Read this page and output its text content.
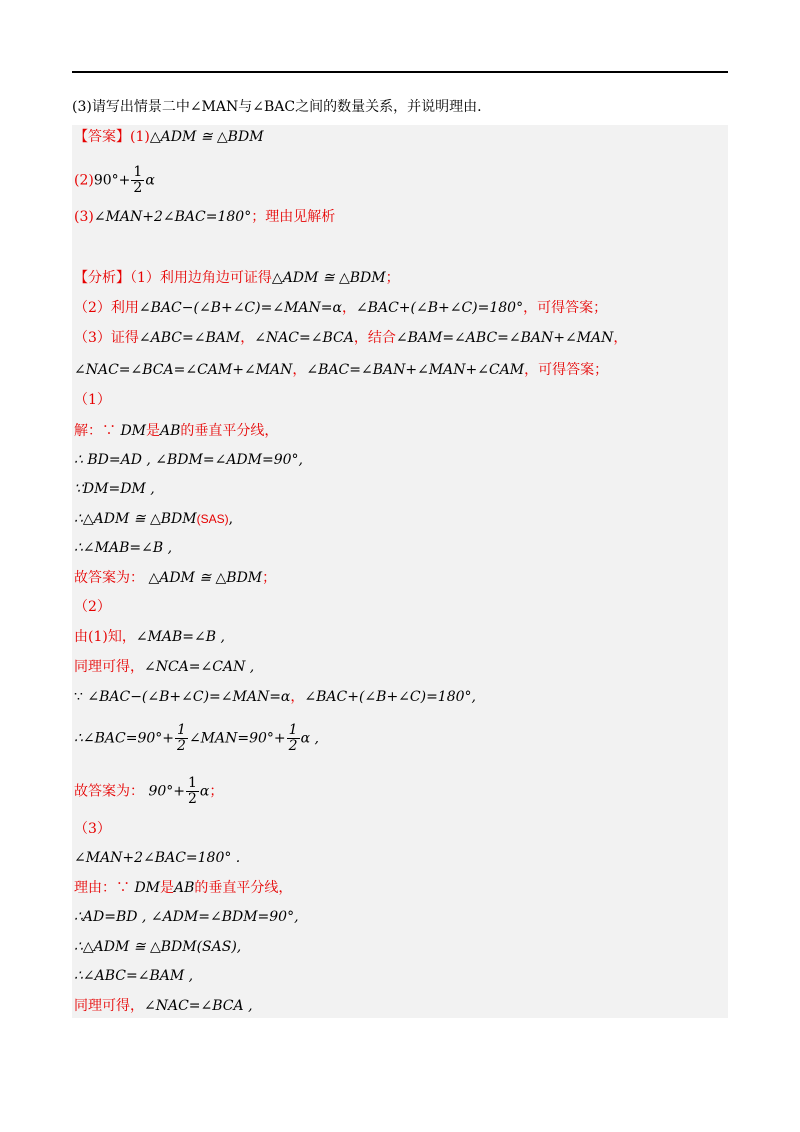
(3)请写出情景二中∠MAN与∠BAC之间的数量关系，并说明理由.
【答案】(1)△ADM ≅ △BDM
$(2)90^\circ+ \frac{1}{2}$ α
(3)∠MAN+2∠BAC=180°；理由见解析
【分析】（1）利用边角边可证得△ADM ≅ △BDM；
（2）利用∠BAC−(∠B+∠C)=∠MAN=α，∠BAC+(∠B+∠C)=180°，可得答案；
（3）证得∠ABC=∠BAM，∠NAC=∠BCA，结合∠BAM=∠ABC=∠BAN+∠MAN，
∠NAC=∠BCA=∠CAM+∠MAN，∠BAC=∠BAN+∠MAN+∠CAM，可得答案；
（1）
解：∵ DM是AB的垂直平分线，
∴ BD=AD , ∠BDM=∠ADM=90°,
∵DM=DM ,
∴△ADM ≅ △BDM(SAS),
∴∠MAB=∠B ,
故答案为： △ADM ≅ △BDM；
（2）
由(1)知，∠MAB=∠B ,
同理可得，∠NCA=∠CAN ,
∵ ∠BAC−(∠B+∠C)=∠MAN=α，∠BAC+(∠B+∠C)=180°,
∴∠BAC=90°+ $\frac{1}{2}$ ∠MAN=90°+ $\frac{1}{2}$ α ,
故答案为： $90^\circ+ \frac{1}{2}$ α；
（3）
∠MAN+2∠BAC=180° .
理由：∵ DM是AB的垂直平分线，
∴AD=BD , ∠ADM=∠BDM=90°,
∴△ADM ≅ △BDM(SAS),
∴∠ABC=∠BAM ,
同理可得，∠NAC=∠BCA ,
